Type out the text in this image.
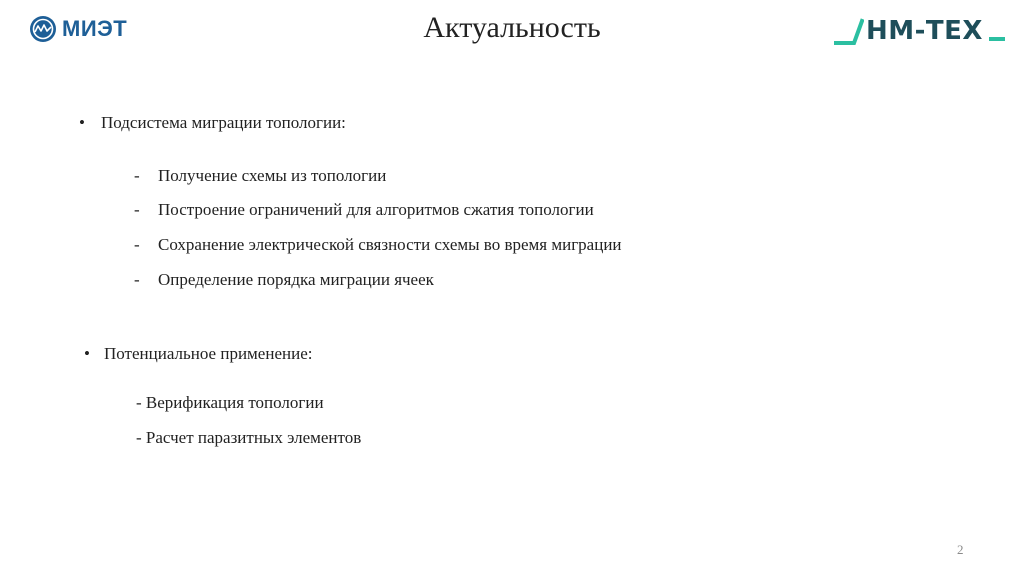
МИЭТ	Актуальность	НМ-ТЕХ
• Подсистема миграции топологии:
- Получение схемы из топологии
- Построение ограничений для алгоритмов сжатия топологии
- Сохранение электрической связности схемы во время миграции
- Определение порядка миграции ячеек
• Потенциальное применение:
- Верификация топологии
- Расчет паразитных элементов
2
